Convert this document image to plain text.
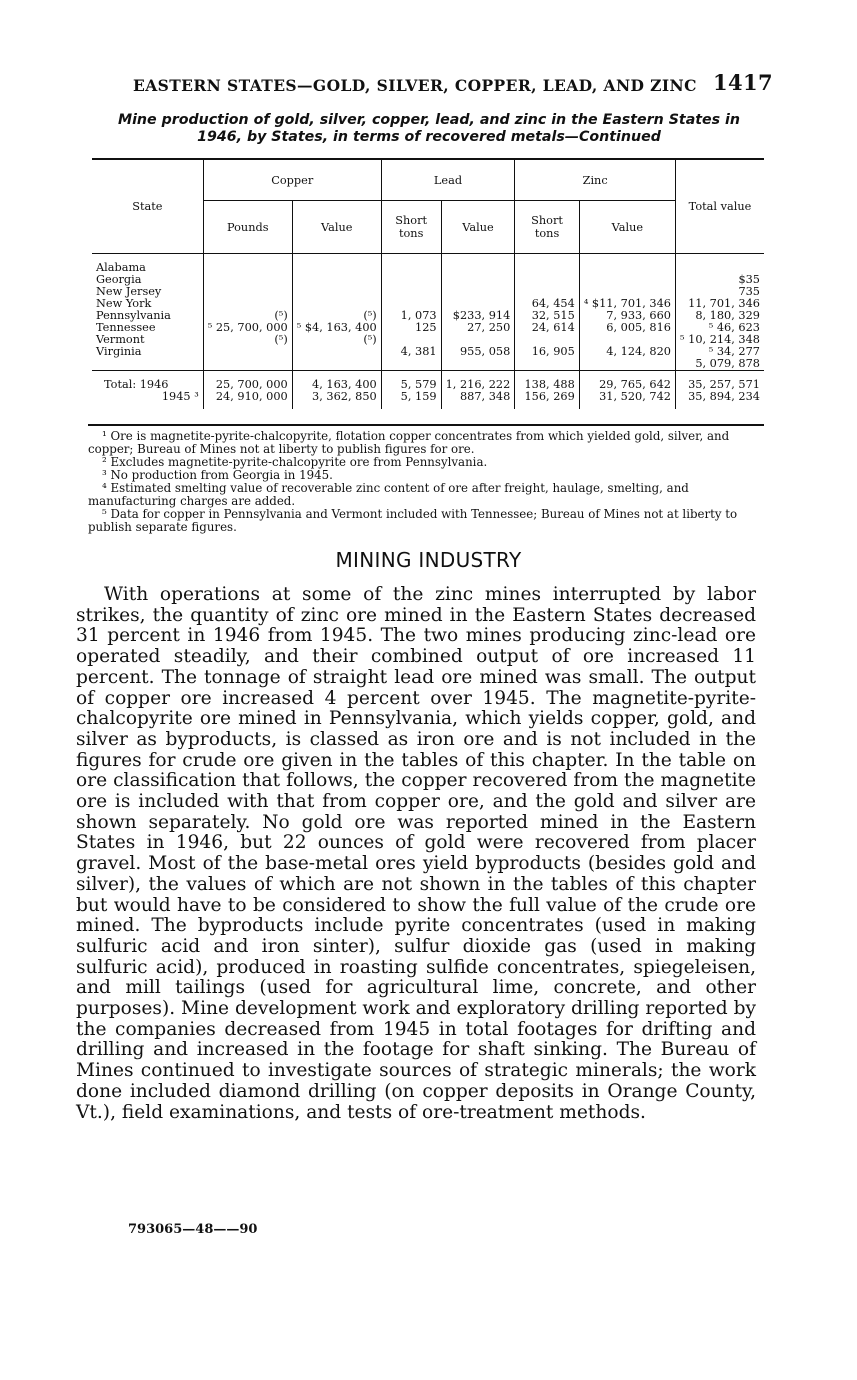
EASTERN STATES—GOLD, SILVER, COPPER, LEAD, AND ZINC 1417
Mine production of gold, silver, copper, lead, and zinc in the Eastern States in 1946, by States, in terms of recovered metals—Continued
State	Copper		Lead		Zinc		Total value
	Pounds	Value	Short tons	Value	Short tons	Value	
Alabama							
Georgia							$35
New Jersey							735
New York					64, 454	⁴ $11, 701, 346	11, 701, 346
Pennsylvania	(⁵)	(⁵)	1, 073	$233, 914	32, 515	7, 933, 660	8, 180, 329
Tennessee	⁵ 25, 700, 000	⁵ $4, 163, 400	125	27, 250	24, 614	6, 005, 816	⁵ 46, 623
Vermont	(⁵)	(⁵)					⁵ 10, 214, 348
Virginia			4, 381	955, 058	16, 905	4, 124, 820	⁵ 34, 277
							5, 079, 878
Total: 1946	25, 700, 000	4, 163, 400	5, 579	1, 216, 222	138, 488	29, 765, 642	35, 257, 571
1945 ³	24, 910, 000	3, 362, 850	5, 159	887, 348	156, 269	31, 520, 742	35, 894, 234

¹ Ore is magnetite-pyrite-chalcopyrite, flotation copper concentrates from which yielded gold, silver, and copper; Bureau of Mines not at liberty to publish figures for ore.

² Excludes magnetite-pyrite-chalcopyrite ore from Pennsylvania.

³ No production from Georgia in 1945.

⁴ Estimated smelting value of recoverable zinc content of ore after freight, haulage, smelting, and manufacturing charges are added.

⁵ Data for copper in Pennsylvania and Vermont included with Tennessee; Bureau of Mines not at liberty to publish separate figures.

MINING INDUSTRY
With operations at some of the zinc mines interrupted by labor strikes, the quantity of zinc ore mined in the Eastern States decreased 31 percent in 1946 from 1945. The two mines producing zinc-lead ore operated steadily, and their combined output of ore increased 11 percent. The tonnage of straight lead ore mined was small. The output of copper ore increased 4 percent over 1945. The magnetite-pyrite-chalcopyrite ore mined in Pennsylvania, which yields copper, gold, and silver as byproducts, is classed as iron ore and is not included in the figures for crude ore given in the tables of this chapter. In the table on ore classification that follows, the copper recovered from the magnetite ore is included with that from copper ore, and the gold and silver are shown separately. No gold ore was reported mined in the Eastern States in 1946, but 22 ounces of gold were recovered from placer gravel. Most of the base-metal ores yield byproducts (besides gold and silver), the values of which are not shown in the tables of this chapter but would have to be considered to show the full value of the crude ore mined. The byproducts include pyrite concentrates (used in making sulfuric acid and iron sinter), sulfur dioxide gas (used in making sulfuric acid), produced in roasting sulfide concentrates, spiegeleisen, and mill tailings (used for agricultural lime, concrete, and other purposes). Mine development work and exploratory drilling reported by the companies decreased from 1945 in total footages for drifting and drilling and increased in the footage for shaft sinking. The Bureau of Mines continued to investigate sources of strategic minerals; the work done included diamond drilling (on copper deposits in Orange County, Vt.), field examinations, and tests of ore-treatment methods.
793065—48——90
